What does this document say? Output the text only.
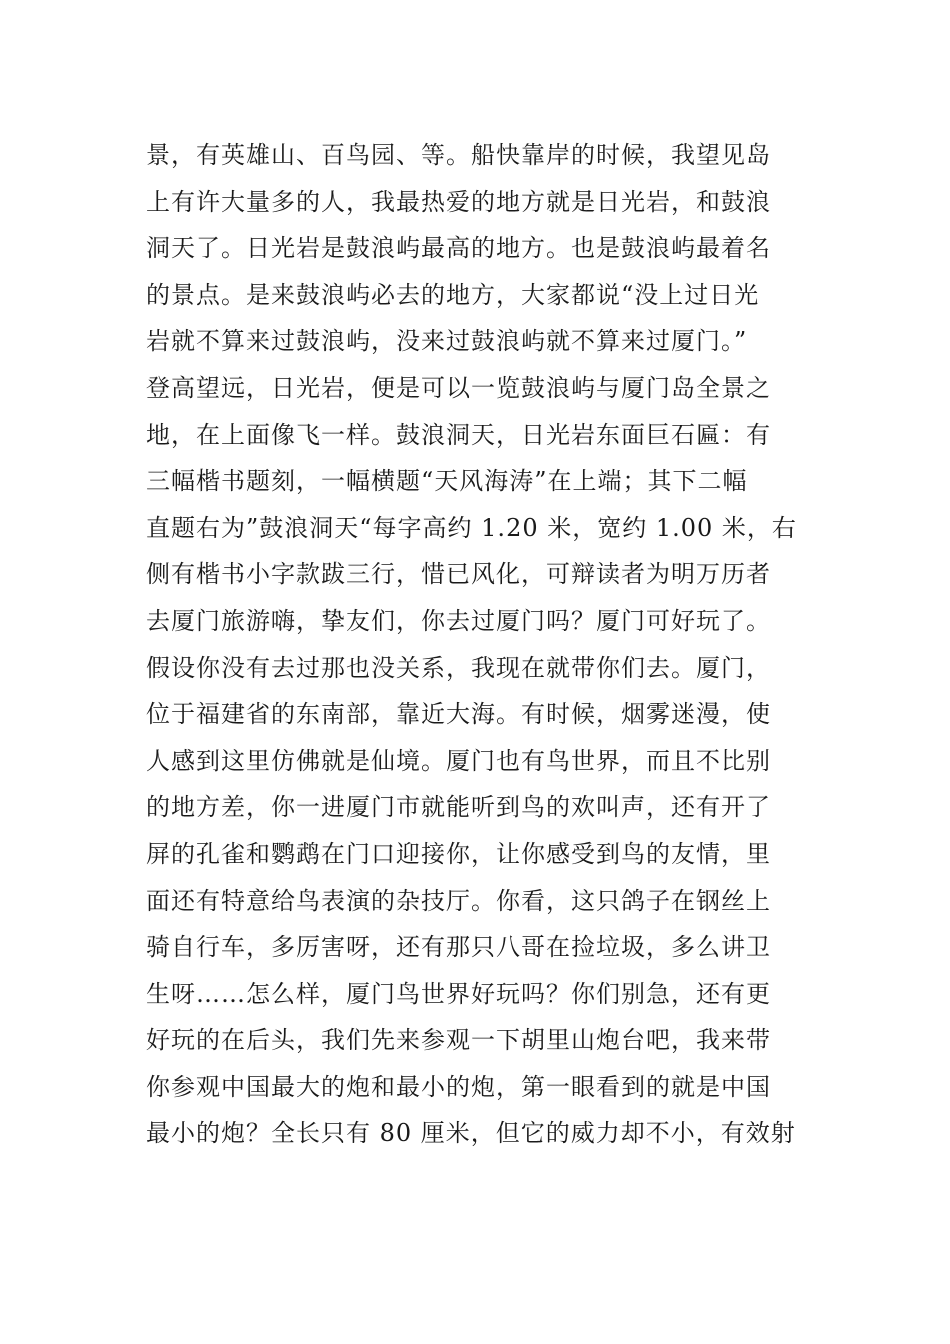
景，有英雄山、百鸟园、等。船快靠岸的时候，我望见岛
上有许大量多的人，我最热爱的地方就是日光岩，和鼓浪
洞天了。日光岩是鼓浪屿最高的地方。也是鼓浪屿最着名
的景点。是来鼓浪屿必去的地方，大家都说“没上过日光
岩就不算来过鼓浪屿，没来过鼓浪屿就不算来过厦门。”
登高望远，日光岩，便是可以一览鼓浪屿与厦门岛全景之
地，在上面像飞一样。鼓浪洞天，日光岩东面巨石匾：有
三幅楷书题刻，一幅横题“天风海涛”在上端；其下二幅
直题右为”鼓浪洞天“每字高约 1.20 米，宽约 1.00 米，右
侧有楷书小字款跋三行，惜已风化，可辩读者为明万历者
去厦门旅游嗨，挚友们，你去过厦门吗？厦门可好玩了。
假设你没有去过那也没关系，我现在就带你们去。厦门，
位于福建省的东南部，靠近大海。有时候，烟雾迷漫，使
人感到这里仿佛就是仙境。厦门也有鸟世界，而且不比别
的地方差，你一进厦门市就能听到鸟的欢叫声，还有开了
屏的孔雀和鹦鹉在门口迎接你，让你感受到鸟的友情，里
面还有特意给鸟表演的杂技厅。你看，这只鸽子在钢丝上
骑自行车，多厉害呀，还有那只八哥在捡垃圾，多么讲卫
生呀……怎么样，厦门鸟世界好玩吗？你们别急，还有更
好玩的在后头，我们先来参观一下胡里山炮台吧，我来带
你参观中国最大的炮和最小的炮，第一眼看到的就是中国
最小的炮？全长只有 80 厘米，但它的威力却不小，有效射
